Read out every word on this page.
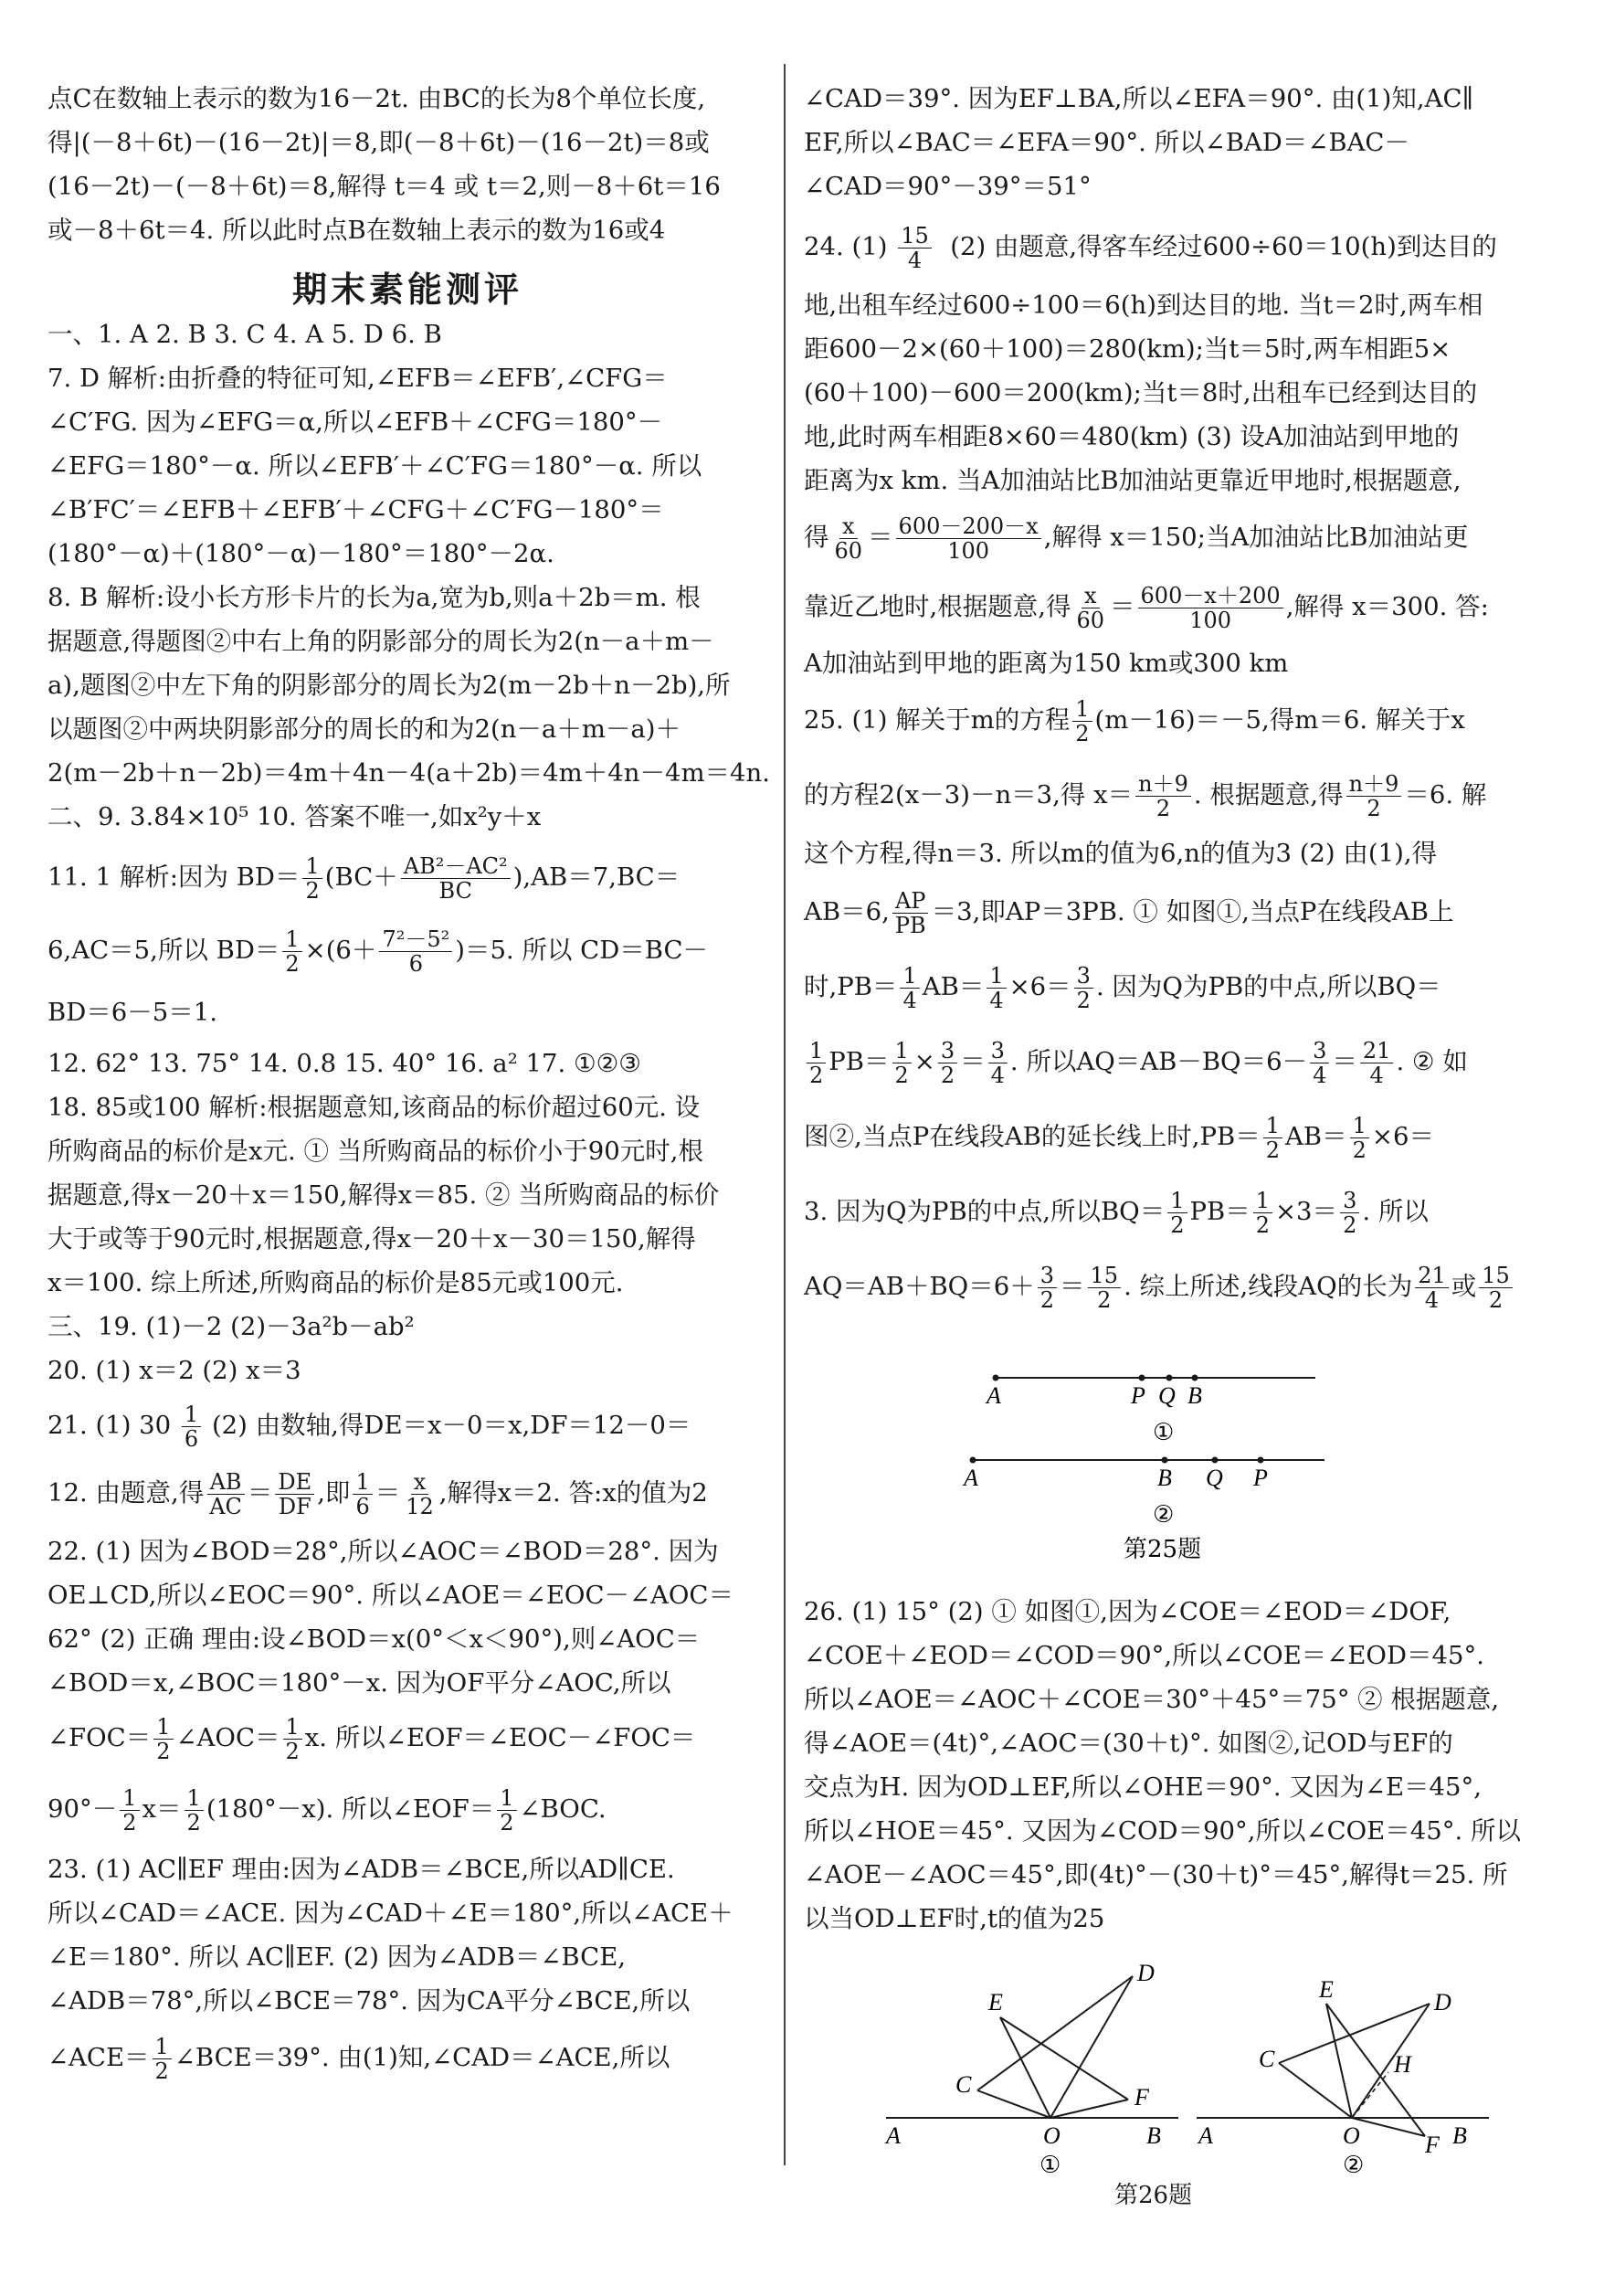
点C在数轴上表示的数为16－2t. 由BC的长为8个单位长度,
得|(－8＋6t)－(16－2t)|＝8,即(－8＋6t)－(16－2t)＝8或
(16－2t)－(－8＋6t)＝8,解得 t＝4 或 t＝2,则－8＋6t＝16
或－8＋6t＝4. 所以此时点B在数轴上表示的数为16或4
期末素能测评
一、1. A 2. B 3. C 4. A 5. D 6. B
7. D 解析:由折叠的特征可知,∠EFB＝∠EFB′,∠CFG＝
∠C′FG. 因为∠EFG＝α,所以∠EFB＋∠CFG＝180°－
∠EFG＝180°－α. 所以∠EFB′＋∠C′FG＝180°－α. 所以
∠B′FC′＝∠EFB＋∠EFB′＋∠CFG＋∠C′FG－180°＝
(180°－α)＋(180°－α)－180°＝180°－2α.
8. B 解析:设小长方形卡片的长为a,宽为b,则a＋2b＝m. 根
据题意,得题图②中右上角的阴影部分的周长为2(n－a＋m－
a),题图②中左下角的阴影部分的周长为2(m－2b＋n－2b),所
以题图②中两块阴影部分的周长的和为2(n－a＋m－a)＋
2(m－2b＋n－2b)＝4m＋4n－4(a＋2b)＝4m＋4n－4m＝4n.
二、9. 3.84×10⁵ 10. 答案不唯一,如x²y＋x
11. 1 解析:因为 $BD= \frac{1}{2} (BC+ \frac{\text{AB²－AC²}}{BC} ),AB=7,BC=$
6,AC＝5,所以 $BD= \frac{1}{2} \times(6+ \frac{\text{7²－5²}}{6} )=5$. 所以 CD＝BC－
BD＝6－5＝1.
12. 62° 13. 75° 14. 0.8 15. 40° 16. a² 17. ①②③
18. 85或100 解析:根据题意知,该商品的标价超过60元. 设
所购商品的标价是x元. ① 当所购商品的标价小于90元时,根
据题意,得x－20＋x＝150,解得x＝85. ② 当所购商品的标价
大于或等于90元时,根据题意,得x－20＋x－30＝150,解得
x＝100. 综上所述,所购商品的标价是85元或100元.
三、19. (1)－2 (2)－3a²b－ab²
20. (1) x＝2 (2) x＝3
21. (1) $30 \frac{1}{6} (2)$ 由数轴,得DE＝x－0＝x,DF＝12－0＝
12. 由题意,得 $\frac{AB}{AC} = \frac{DE}{DF}$ ,即 $\frac{1}{6} = \frac{x}{12}$ ,解得x＝2. 答:x的值为2
22. (1) 因为∠BOD＝28°,所以∠AOC＝∠BOD＝28°. 因为
OE⊥CD,所以∠EOC＝90°. 所以∠AOE＝∠EOC－∠AOC＝
62° (2) 正确 理由:设∠BOD＝x(0°＜x＜90°),则∠AOC＝
∠BOD＝x,∠BOC＝180°－x. 因为OF平分∠AOC,所以
∠FOC＝ $\frac{1}{2}$ ∠AOC＝ $\frac{1}{2} x$. 所以∠EOF＝∠EOC－∠FOC＝
$90^\circ- \frac{1}{2} x= \frac{1}{2} (180^\circ-x)$. 所以∠EOF＝ $\frac{1}{2}$ ∠BOC.
23. (1) AC∥EF 理由:因为∠ADB＝∠BCE,所以AD∥CE.
所以∠CAD＝∠ACE. 因为∠CAD＋∠E＝180°,所以∠ACE＋
∠E＝180°. 所以 AC∥EF. (2) 因为∠ADB＝∠BCE,
∠ADB＝78°,所以∠BCE＝78°. 因为CA平分∠BCE,所以
∠ACE＝ $\frac{1}{2}$ ∠BCE＝39°. 由(1)知,∠CAD＝∠ACE,所以
∠CAD＝39°. 因为EF⊥BA,所以∠EFA＝90°. 由(1)知,AC∥
EF,所以∠BAC＝∠EFA＝90°. 所以∠BAD＝∠BAC－
∠CAD＝90°－39°＝51°
24. $(1) \frac{15}{4} (2)$ 由题意,得客车经过600÷60＝10(h)到达目的
地,出租车经过600÷100＝6(h)到达目的地. 当t＝2时,两车相
距600－2×(60＋100)＝280(km);当t＝5时,两车相距5×
(60＋100)－600＝200(km);当t＝8时,出租车已经到达目的
地,此时两车相距8×60＝480(km) (3) 设A加油站到甲地的
距离为x km. 当A加油站比B加油站更靠近甲地时,根据题意,
得 $\frac{x}{60} = \frac{600-200-x}{100}$ ,解得 x＝150;当A加油站比B加油站更
靠近乙地时,根据题意,得 $\frac{x}{60} = \frac{600-x+200}{100}$ ,解得 x＝300. 答:
A加油站到甲地的距离为150 km或300 km
25. (1) 解关于m的方程 $\frac{1}{2} (m-16)=-5$,得m＝6. 解关于x
的方程2(x－3)－n＝3,得 $x= \frac{n+9}{2}$ . 根据题意,得 $\frac{n+9}{2} =6$. 解
这个方程,得n＝3. 所以m的值为6,n的值为3 (2) 由(1),得
AB＝6, $\frac{AP}{PB} =3$,即AP＝3PB. ① 如图①,当点P在线段AB上
时$,PB= \frac{1}{4} AB= \frac{1}{4} \times 6= \frac{3}{2}$ . 因为Q为PB的中点,所以BQ＝
$\frac{1}{2} PB= \frac{1}{2} \times \frac{3}{2} = \frac{3}{4}$ . 所以$AQ=AB-BQ=6- \frac{3}{4} = \frac{21}{4}$ . ② 如
图②,当点P在线段AB的延长线上时$,PB= \frac{1}{2} AB= \frac{1}{2} \times 6=$
3. 因为Q为PB的中点,所以$BQ= \frac{1}{2} PB= \frac{1}{2} \times 3= \frac{3}{2}$ . 所以
$AQ=AB+BQ=6+ \frac{3}{2} = \frac{15}{2}$ . 综上所述,线段AQ的长为 $\frac{21}{4}$ 或 $\frac{15}{2}$
A	P Q B
①
A	B Q P
②
第25题
26. (1) 15° (2) ① 如图①,因为∠COE＝∠EOD＝∠DOF,
∠COE＋∠EOD＝∠COD＝90°,所以∠COE＝∠EOD＝45°.
所以∠AOE＝∠AOC＋∠COE＝30°＋45°＝75° ② 根据题意,
得∠AOE＝(4t)°,∠AOC＝(30＋t)°. 如图②,记OD与EF的
交点为H. 因为OD⊥EF,所以∠OHE＝90°. 又因为∠E＝45°,
所以∠HOE＝45°. 又因为∠COD＝90°,所以∠COE＝45°. 所以
∠AOE－∠AOC＝45°,即(4t)°－(30＋t)°＝45°,解得t＝25. 所
以当OD⊥EF时,t的值为25
E
D
C	F
A	O	B
①
E	D
C	H
A	O	F B
②
第26题
